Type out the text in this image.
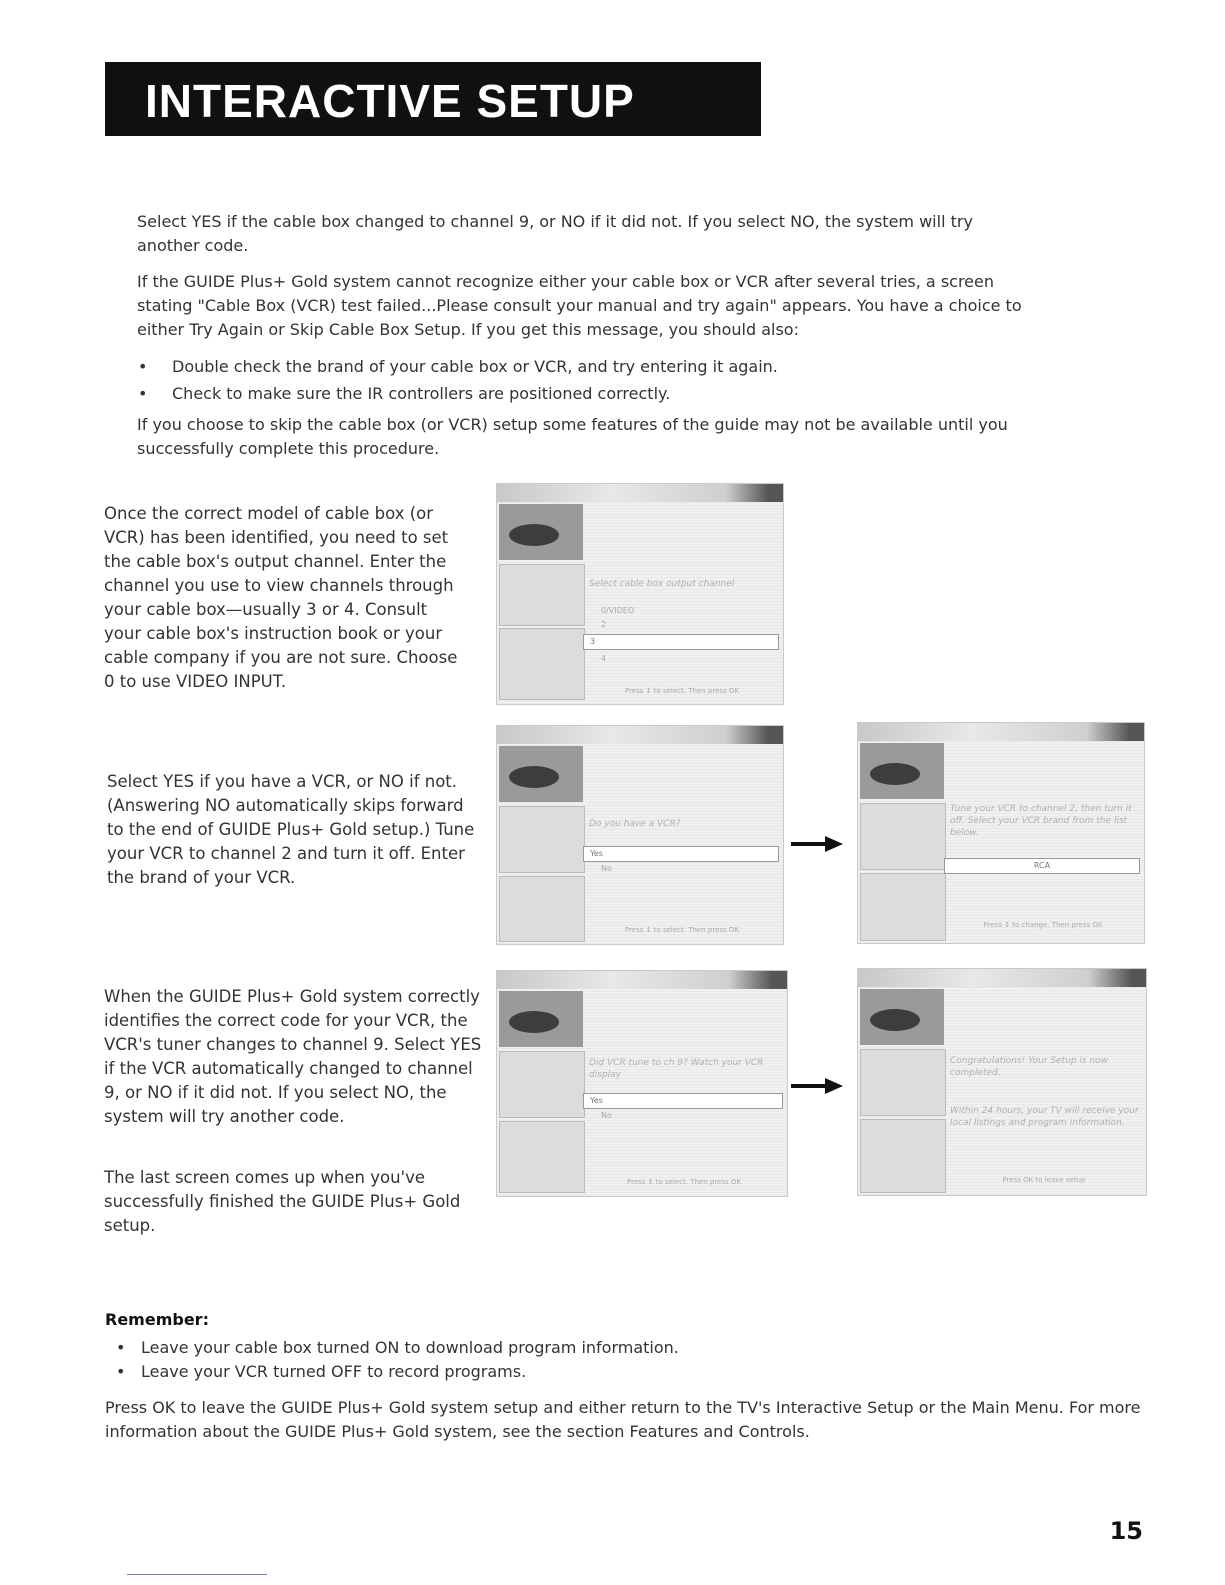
INTERACTIVE SETUP
Select YES if the cable box changed to channel 9, or NO if it did not. If you select NO, the system will try another code.
If the GUIDE Plus+ Gold system cannot recognize either your cable box or VCR after several tries, a screen stating "Cable Box (VCR) test failed...Please consult your manual and try again" appears. You have a choice to either Try Again or Skip Cable Box Setup. If you get this message, you should also:
• Double check the brand of your cable box or VCR, and try entering it again.
• Check to make sure the IR controllers are positioned correctly.
If you choose to skip the cable box (or VCR) setup some features of the guide may not be available until you successfully complete this procedure.
Once the correct model of cable box (or VCR) has been identified, you need to set the cable box's output channel. Enter the channel you use to view channels through your cable box—usually 3 or 4. Consult your cable box's instruction book or your cable company if you are not sure. Choose 0 to use VIDEO INPUT.
Select YES if you have a VCR, or NO if not. (Answering NO automatically skips forward to the end of GUIDE Plus+ Gold setup.) Tune your VCR to channel 2 and turn it off. Enter the brand of your VCR.
When the GUIDE Plus+ Gold system correctly identifies the correct code for your VCR, the VCR's tuner changes to channel 9. Select YES if the VCR automatically changed to channel 9, or NO if it did not. If you select NO, the system will try another code.
The last screen comes up when you've successfully finished the GUIDE Plus+ Gold setup.
Select cable box output channel
0/VIDEO
2
3
4
Press ↕ to select. Then press OK
Do you have a VCR?
Yes
No
Press ↕ to select. Then press OK
Tune your VCR to channel 2, then turn it off. Select your VCR brand from the list below.
RCA
Press ↕ to change. Then press OK
Did VCR tune to ch 9? Watch your VCR display
Yes
No
Press ↕ to select. Then press OK
Congratulations! Your Setup is now completed.
Within 24 hours, your TV will receive your local listings and program information.
Press OK to leave setup
Remember:
• Leave your cable box turned ON to download program information.
• Leave your VCR turned OFF to record programs.
Press OK to leave the GUIDE Plus+ Gold system setup and either return to the TV's Interactive Setup or the Main Menu. For more information about the GUIDE Plus+ Gold system, see the section Features and Controls.
15
